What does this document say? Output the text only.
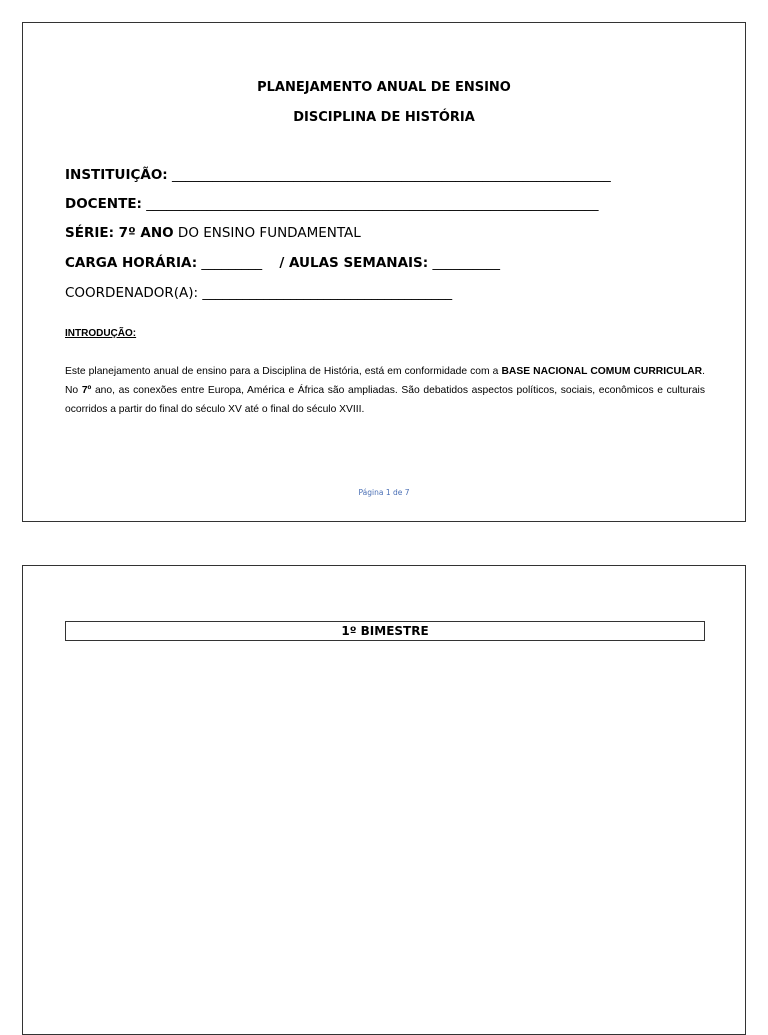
PLANEJAMENTO ANUAL DE ENSINO
DISCIPLINA DE HISTÓRIA
INSTITUIÇÃO: _________________________________________________________________
DOCENTE: ___________________________________________________________________
SÉRIE: 7º ANO DO ENSINO FUNDAMENTAL
CARGA HORÁRIA: _________ / AULAS SEMANAIS: __________
COORDENADOR(A): _____________________________________
INTRODUÇÃO:
Este planejamento anual de ensino para a Disciplina de História, está em conformidade com a BASE NACIONAL COMUM CURRICULAR. No 7º ano, as conexões entre Europa, América e África são ampliadas. São debatidos aspectos políticos, sociais, econômicos e culturais ocorridos a partir do final do século XV até o final do século XVIII.
Página 1 de 7
1º BIMESTRE
